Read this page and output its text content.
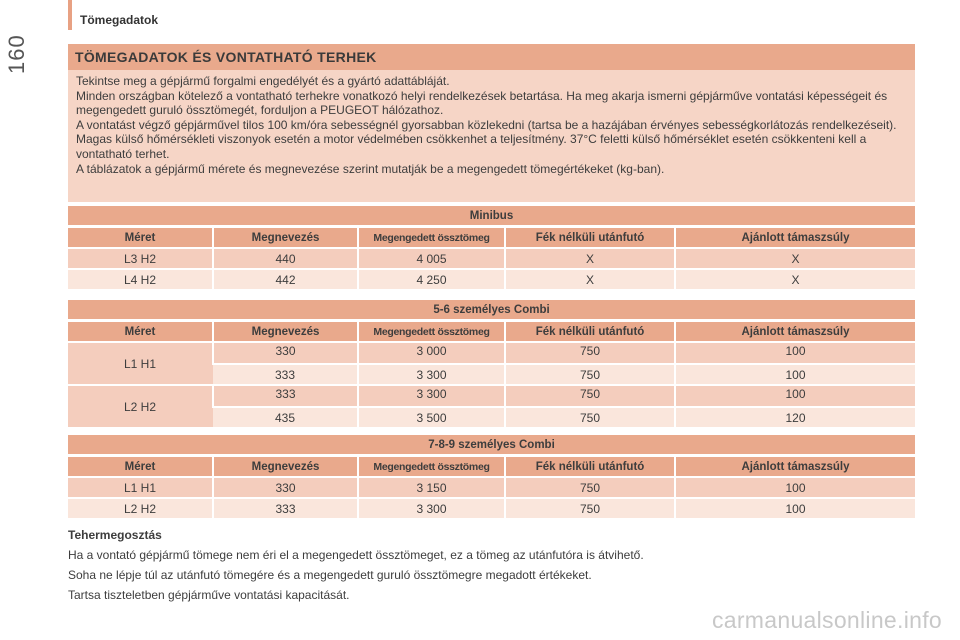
Tömegadatok
160	TÖMEGADATOK ÉS VONTATHATÓ TERHEK

Tekintse meg a gépjármű forgalmi engedélyét és a gyártó adattábláját.

Minden országban kötelező a vontatható terhekre vonatkozó helyi rendelkezések betartása. Ha meg akarja ismerni gépjárműve vontatási képességeit és megengedett guruló össztömegét, forduljon a PEUGEOT hálózathoz.

A vontatást végző gépjárművel tilos 100 km/óra sebességnél gyorsabban közlekedni (tartsa be a hazájában érvényes sebességkorlátozás rendelkezéseit).

Magas külső hőmérsékleti viszonyok esetén a motor védelmében csökkenhet a teljesítmény. 37°C feletti külső hőmérséklet esetén csökkenteni kell a vontatható terhet.

A táblázatok a gépjármű mérete és megnevezése szerint mutatják be a megengedett tömegértékeket (kg-ban).

Minibus				
Méret	Megnevezés	Megengedett össztömeg	Fék nélküli utánfutó	Ajánlott támaszsúly
L3 H2	440	4 005	X	X
L4 H2	442	4 250	X	X
5-6 személyes Combi				
Méret	Megnevezés	Megengedett össztömeg	Fék nélküli utánfutó	Ajánlott támaszsúly
L1 H1	330	3 000	750	100
	333	3 300	750	100
L2 H2	333	3 300	750	100
	435	3 500	750	120
7-8-9 személyes Combi				
Méret	Megnevezés	Megengedett össztömeg	Fék nélküli utánfutó	Ajánlott támaszsúly
L1 H1	330	3 150	750	100
L2 H2	333	3 300	750	100

Tehermegosztás

Ha a vontató gépjármű tömege nem éri el a megengedett össztömeget, ez a tömeg az utánfutóra is átvihető.

Soha ne lépje túl az utánfutó tömegére és a megengedett guruló össztömegre megadott értékeket.

Tartsa tiszteletben gépjárműve vontatási kapacitását.

carmanualsonline.info
